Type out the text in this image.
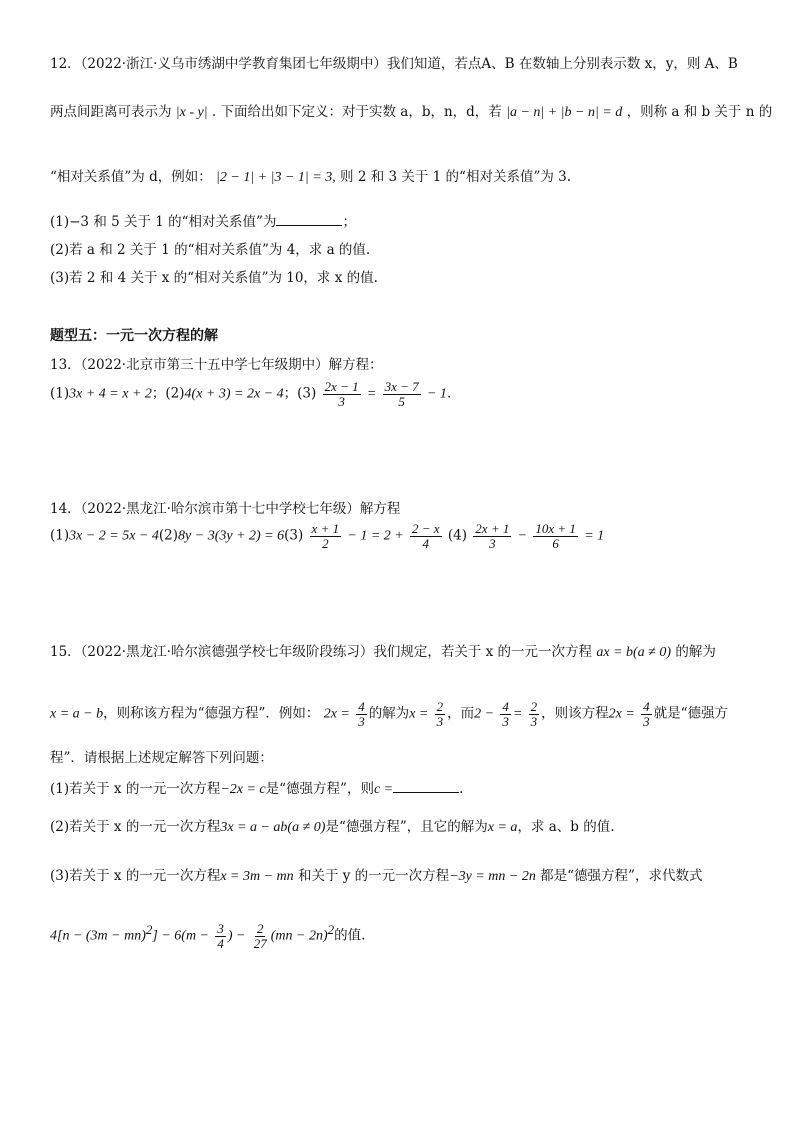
12．（2022·浙江·义乌市绣湖中学教育集团七年级期中）我们知道，若点A、B 在数轴上分别表示数 x，y，则 A、B
两点间距离可表示为 |x - y| . 下面给出如下定义：对于实数 a，b，n，d，若 |a − n| + |b − n| = d ，则称 a 和 b 关于 n 的
“相对关系值”为 d，例如： |2 − 1| + |3 − 1| = 3, 则 2 和 3 关于 1 的“相对关系值”为 3.
(1)−3 和 5 关于 1 的“相对关系值”为	；
(2)若 a 和 2 关于 1 的“相对关系值”为 4，求 a 的值.
(3)若 2 和 4 关于 x 的“相对关系值”为 10，求 x 的值.
题型五：一元一次方程的解
13．（2022·北京市第三十五中学七年级期中）解方程：
(1)3x + 4 = x + 2；(2)4(x + 3) = 2x − 4；$(3) \frac{2x - 1}{3} = \frac{3x - 7}{5} - 1$.
14．（2022·黑龙江·哈尔滨市第十七中学校七年级）解方程
$(1)3x - 2 = 5x - 4(2)8y - 3(3y + 2) = 6(3) \frac{x + 1}{2} - 1 = 2 + \frac{2 - x}{4} (4) \frac{2x + 1}{3} - \frac{10x + 1}{6} = 1$
15．（2022·黑龙江·哈尔滨德强学校七年级阶段练习）我们规定，若关于 x 的一元一次方程 ax = b(a ≠ 0) 的解为
x = a − b，则称该方程为“德强方程”．例如： $2x = \frac{4}{3}$ 的解为$x = \frac{2}{3}$ ，而$2 - \frac{4}{3} = \frac{2}{3}$ ，则该方程$2x = \frac{4}{3}$ 就是“德强方
程”．请根据上述规定解答下列问题：
(1)若关于 x 的一元一次方程−2x = c是“德强方程”，则c =	.
(2)若关于 x 的一元一次方程3x = a − ab(a ≠ 0)是“德强方程”，且它的解为x = a，求 a、b 的值.
(3)若关于 x 的一元一次方程x = 3m − mn 和关于 y 的一元一次方程−3y = mn − 2n 都是“德强方程”，求代数式
$4[n - (3m - mn)^2] - 6(m - \frac{3}{4}$ ) − $\frac{2}{27} (mn - 2n)^2$的值.
